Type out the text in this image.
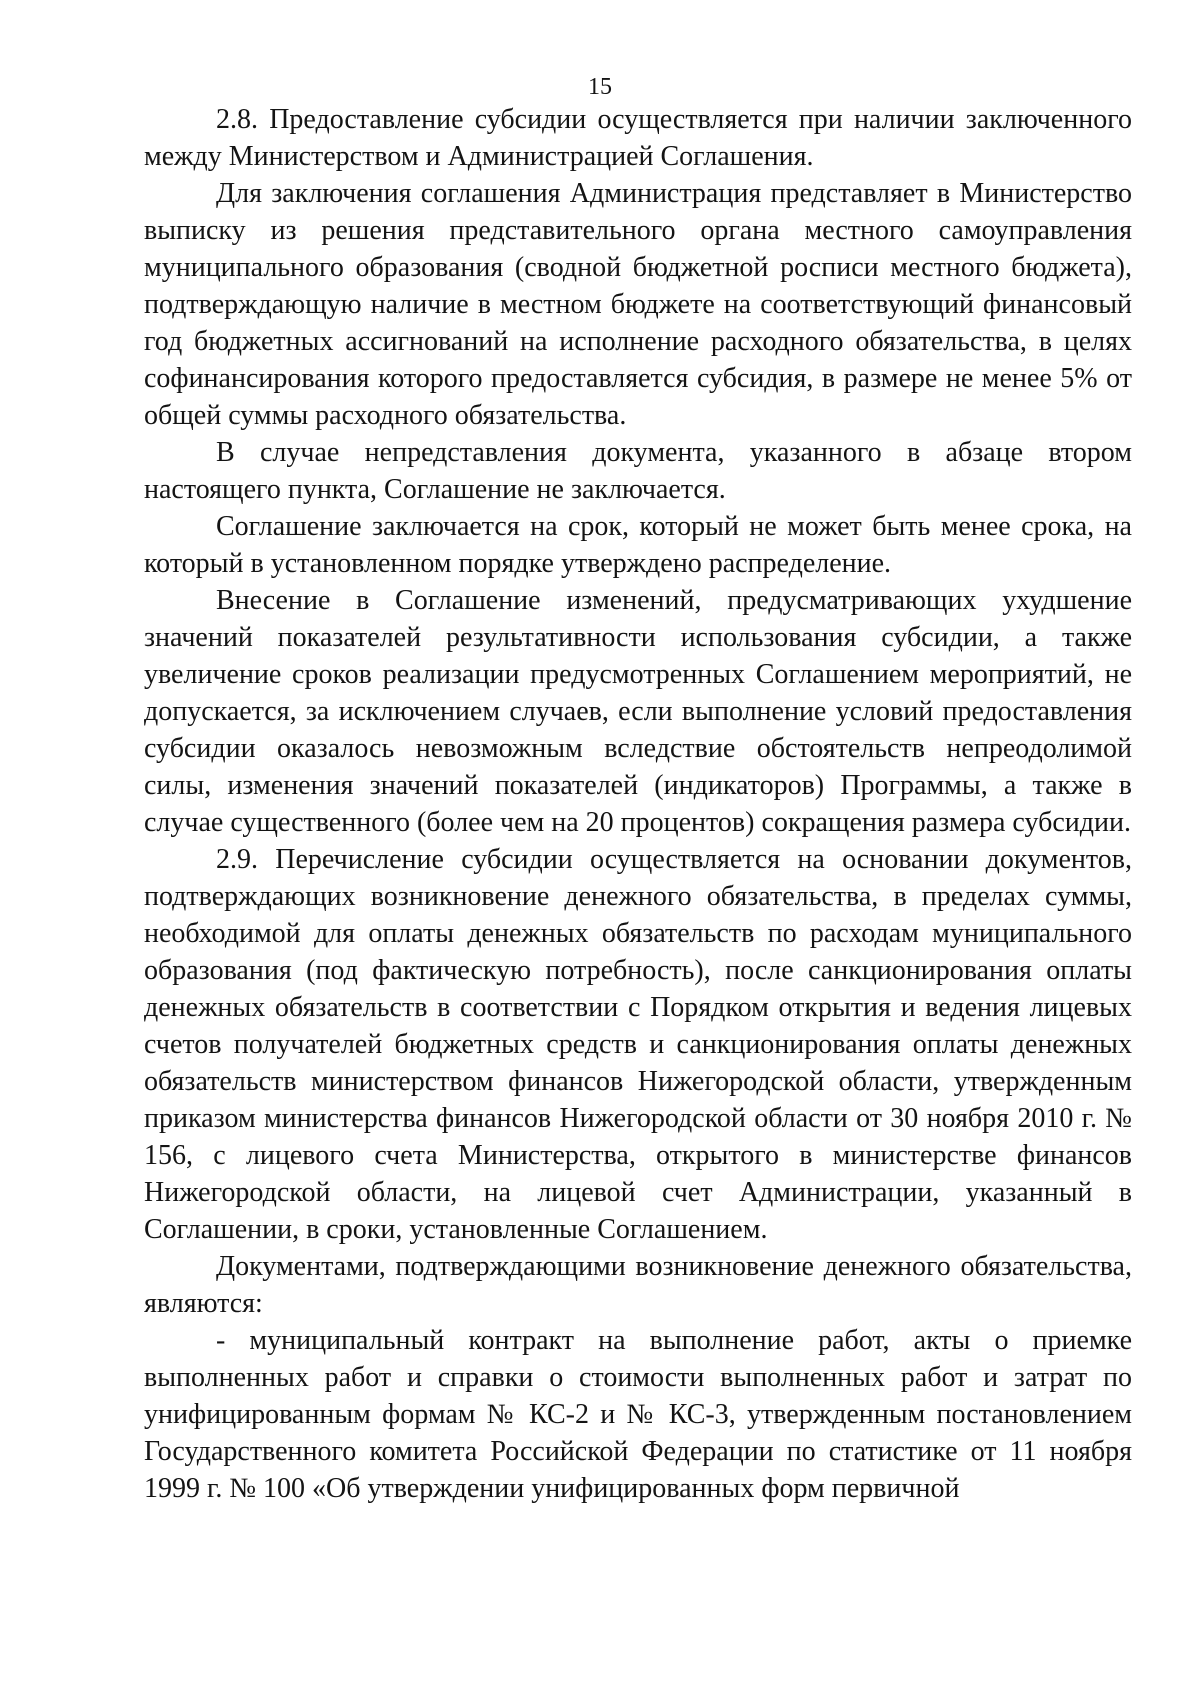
15

2.8. Предоставление субсидии осуществляется при наличии заключенного между Министерством и Администрацией Соглашения.

Для заключения соглашения Администрация представляет в Министерство выписку из решения представительного органа местного самоуправления муниципального образования (сводной бюджетной росписи местного бюджета), подтверждающую наличие в местном бюджете на соответствующий финансовый год бюджетных ассигнований на исполнение расходного обязательства, в целях софинансирования которого предоставляется субсидия, в размере не менее 5% от общей суммы расходного обязательства.

В случае непредставления документа, указанного в абзаце втором настоящего пункта, Соглашение не заключается.

Соглашение заключается на срок, который не может быть менее срока, на который в установленном порядке утверждено распределение.

Внесение в Соглашение изменений, предусматривающих ухудшение значений показателей результативности использования субсидии, а также увеличение сроков реализации предусмотренных Соглашением мероприятий, не допускается, за исключением случаев, если выполнение условий предоставления субсидии оказалось невозможным вследствие обстоятельств непреодолимой силы, изменения значений показателей (индикаторов) Программы, а также в случае существенного (более чем на 20 процентов) сокращения размера субсидии.

2.9. Перечисление субсидии осуществляется на основании документов, подтверждающих возникновение денежного обязательства, в пределах суммы, необходимой для оплаты денежных обязательств по расходам муниципального образования (под фактическую потребность), после санкционирования оплаты денежных обязательств в соответствии с Порядком открытия и ведения лицевых счетов получателей бюджетных средств и санкционирования оплаты денежных обязательств министерством финансов Нижегородской области, утвержденным приказом министерства финансов Нижегородской области от 30 ноября 2010 г. № 156, с лицевого счета Министерства, открытого в министерстве финансов Нижегородской области, на лицевой счет Администрации, указанный в Соглашении, в сроки, установленные Соглашением.

Документами, подтверждающими возникновение денежного обязательства, являются:

- муниципальный контракт на выполнение работ, акты о приемке выполненных работ и справки о стоимости выполненных работ и затрат по унифицированным формам № КС-2 и № КС-3, утвержденным постановлением Государственного комитета Российской Федерации по статистике от 11 ноября 1999 г. № 100 «Об утверждении унифицированных форм первичной
